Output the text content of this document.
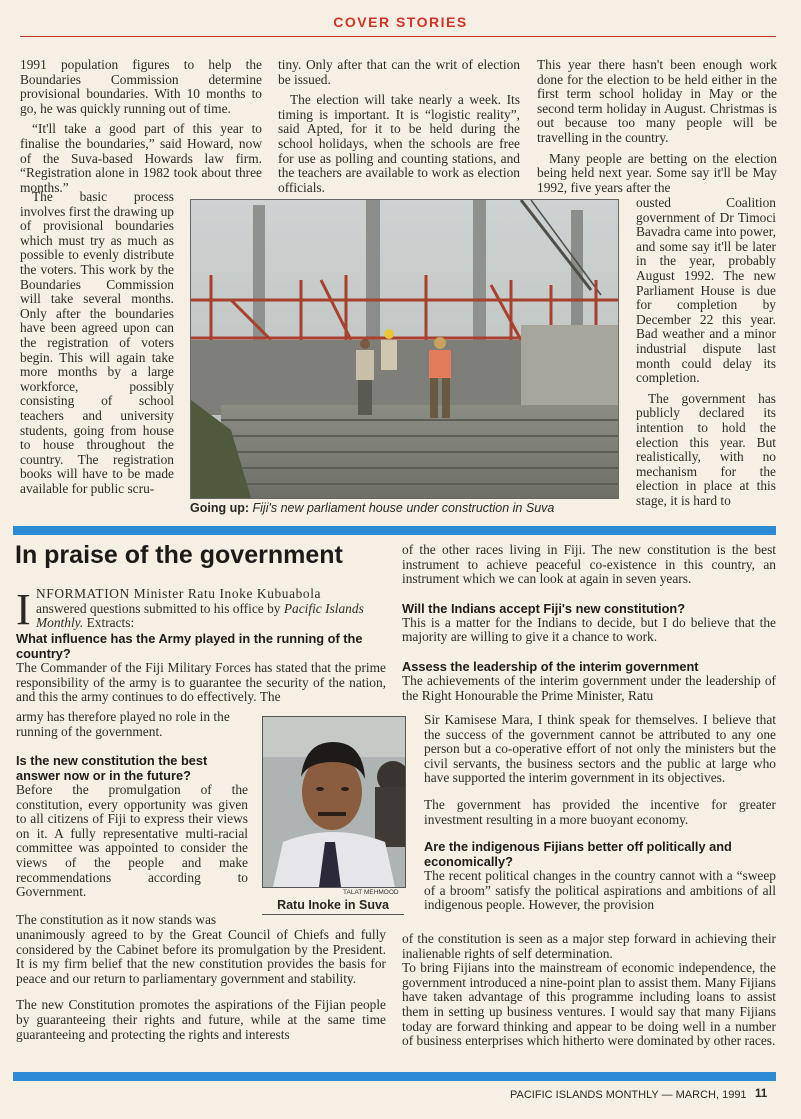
COVER STORIES

1991 population figures to help the Boundaries Commission determine provisional boundaries. With 10 months to go, he was quickly running out of time.

“It'll take a good part of this year to finalise the boundaries,” said Howard, now of the Suva-based Howards law firm. “Registration alone in 1982 took about three months.”

The basic process involves first the drawing up of provisional boundaries which must try as much as possible to evenly distribute the voters. This work by the Boundaries Commission will take several months. Only after the boundaries have been agreed upon can the registration of voters begin. This will again take more months by a large workforce, possibly consisting of school teachers and university students, going from house to house throughout the country. The registration books will have to be made available for public scru-

tiny. Only after that can the writ of election be issued.

The election will take nearly a week. Its timing is important. It is “logistic reality”, said Apted, for it to be held during the school holidays, when the schools are free for use as polling and counting stations, and the teachers are available to work as election officials.

This year there hasn't been enough work done for the election to be held either in the first term school holiday in May or the second term holiday in August. Christmas is out because too many people will be travelling in the country.

Many people are betting on the election being held next year. Some say it'll be May 1992, five years after the

ousted Coalition government of Dr Timoci Bavadra came into power, and some say it'll be later in the year, probably August 1992. The new Parliament House is due for completion by December 22 this year. Bad weather and a minor industrial dispute last month could delay its completion.

The government has publicly declared its intention to hold the election this year. But realistically, with no mechanism for the election in place at this stage, it is hard to

Going up: Fiji's new parliament house under construction in Suva
In praise of the government
I NFORMATION Minister Ratu Inoke Kubuabola
answered questions submitted to his office by Pacific Islands
Monthly. Extracts:

What influence has the Army played in the running of the country?

The Commander of the Fiji Military Forces has stated that the prime responsibility of the army is to guarantee the security of the nation, and this the army continues to do effectively. The

army has therefore played no role in the running of the government.

Is the new constitution the best answer now or in the future?

Before the promulgation of the constitution, every opportunity was given to all citizens of Fiji to express their views on it. A fully representative multi-racial committee was appointed to consider the views of the people and make recommendations according to Government.	TALAT MEHMOOD
Ratu Inoke in Suva
The constitution as it now stands was

unanimously agreed to by the Great Council of Chiefs and fully considered by the Cabinet before its promulgation by the President. It is my firm belief that the new constitution provides the basis for peace and our return to parliamentary government and stability.

The new Constitution promotes the aspirations of the Fijian people by guaranteeing their rights and future, while at the same time guaranteeing and protecting the rights and interests

of the other races living in Fiji. The new constitution is the best instrument to achieve peaceful co-existence in this country, an instrument which we can look at again in seven years.

Will the Indians accept Fiji's new constitution?

This is a matter for the Indians to decide, but I do believe that the majority are willing to give it a chance to work.

Assess the leadership of the interim government

The achievements of the interim government under the leadership of the Right Honourable the Prime Minister, Ratu

Sir Kamisese Mara, I think speak for themselves. I believe that the success of the government cannot be attributed to any one person but a co-operative effort of not only the ministers but the civil servants, the business sectors and the public at large who have supported the interim government in its objectives.

The government has provided the incentive for greater investment resulting in a more buoyant economy.

Are the indigenous Fijians better off politically and economically?

The recent political changes in the country cannot with a “sweep of a broom” satisfy the political aspirations and ambitions of all indigenous people. However, the provision

of the constitution is seen as a major step forward in achieving their inalienable rights of self determination.

To bring Fijians into the mainstream of economic independence, the government introduced a nine-point plan to assist them. Many Fijians have taken advantage of this programme including loans to assist them in setting up business ventures. I would say that many Fijians today are forward thinking and appear to be doing well in a number of business enterprises which hitherto were dominated by other races.

PACIFIC ISLANDS MONTHLY — MARCH, 1991 11
